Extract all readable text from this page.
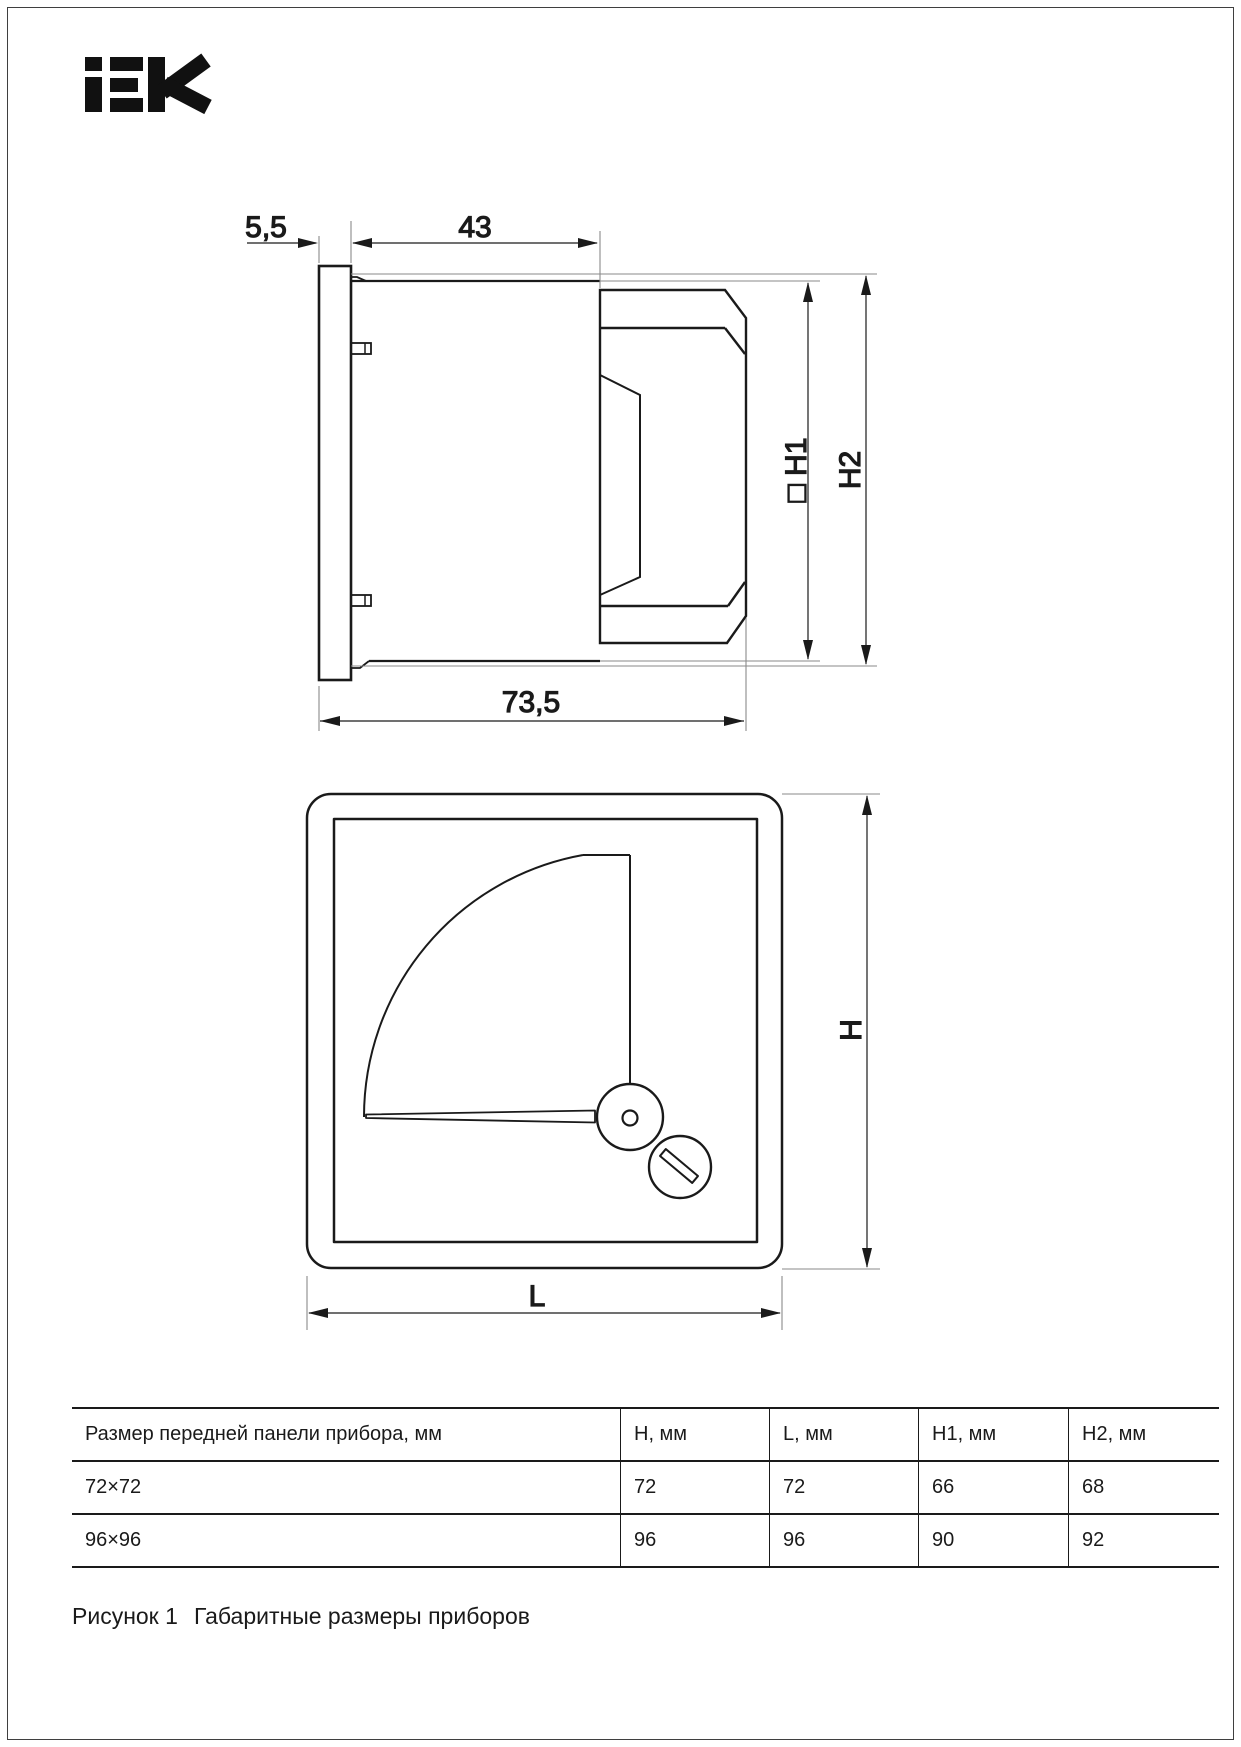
5,5	43
73,5
□ H1 H2
H
L
Размер передней панели прибора, мм	H, мм	L, мм	H1, мм	H2, мм
72×72	72	72	66	68
96×96	96	96	90	92
Рисунок 1 Габаритные размеры приборов
